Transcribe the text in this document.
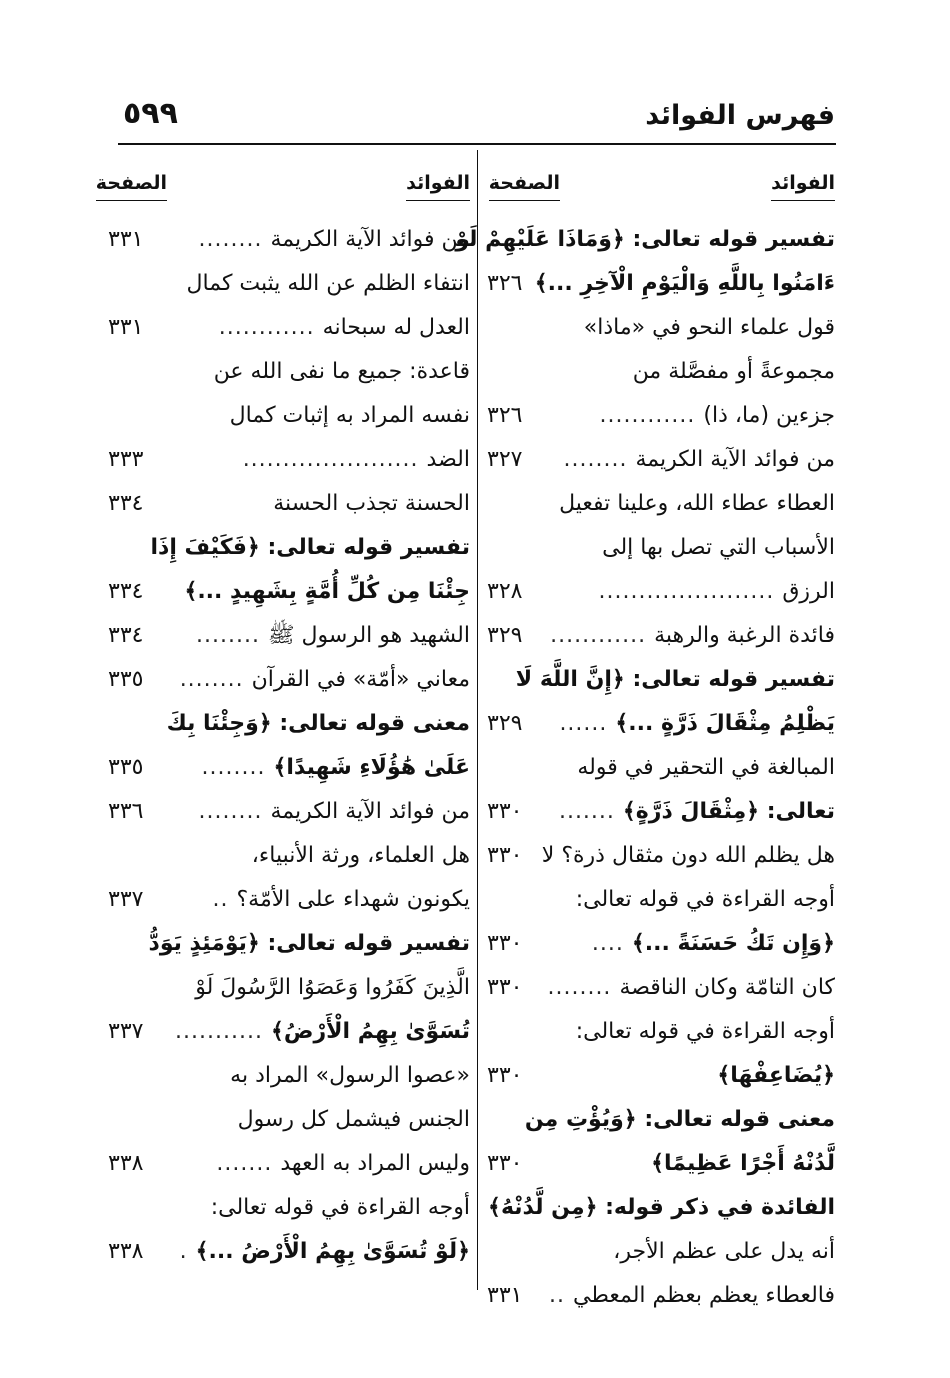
فهرس الفوائد
٥٩٩
الفوائد
الصفحة
الفوائد
الصفحة
تفسير قوله تعالى: ﴿وَمَاذَا عَلَيْهِمْ لَوْ
ءَامَنُوا بِاللَّهِ وَالْيَوْمِ الْآخِرِ ...﴾
٣٢٦
قول علماء النحو في «ماذا»
مجموعةً أو مفصَّلة من
جزءين (ما، ذا)............
٣٢٦
من فوائد الآية الكريمة........
٣٢٧
العطاء عطاء الله، وعلينا تفعيل
الأسباب التي تصل بها إلى
الرزق......................
٣٢٨
فائدة الرغبة والرهبة............
٣٢٩
تفسير قوله تعالى: ﴿إِنَّ اللَّهَ لَا
يَظْلِمُ مِثْقَالَ ذَرَّةٍ ...﴾......
٣٢٩
المبالغة في التحقير في قوله
تعالى: ﴿مِثْقَالَ ذَرَّةٍ﴾.......
٣٣٠
هل يظلم الله دون مثقال ذرة؟ لا
٣٣٠
أوجه القراءة في قوله تعالى:
﴿وَإِن تَكُ حَسَنَةً ...﴾....
٣٣٠
كان التامّة وكان الناقصة........
٣٣٠
أوجه القراءة في قوله تعالى:
﴿يُضَاعِفْهَا﴾
٣٣٠
معنى قوله تعالى: ﴿وَيُؤْتِ مِن
لَّدُنْهُ أَجْرًا عَظِيمًا﴾
٣٣٠
الفائدة في ذكر قوله: ﴿مِن لَّدُنْهُ﴾
أنه يدل على عظم الأجر،
فالعطاء يعظم بعظم المعطي..
٣٣١
من فوائد الآية الكريمة........
٣٣١
انتفاء الظلم عن الله يثبت كمال
العدل له سبحانه............
٣٣١
قاعدة: جميع ما نفى الله عن
نفسه المراد به إثبات كمال
الضد......................
٣٣٣
الحسنة تجذب الحسنة
٣٣٤
تفسير قوله تعالى: ﴿فَكَيْفَ إِذَا
جِئْنَا مِن كُلِّ أُمَّةٍ بِشَهِيدٍ ...﴾
٣٣٤
الشهيد هو الرسول ﷺ........
٣٣٤
معاني «أمّة» في القرآن........
٣٣٥
معنى قوله تعالى: ﴿وَجِئْنَا بِكَ
عَلَىٰ هَٰؤُلَاءِ شَهِيدًا﴾........
٣٣٥
من فوائد الآية الكريمة........
٣٣٦
هل العلماء، ورثة الأنبياء،
يكونون شهداء على الأمّة؟..
٣٣٧
تفسير قوله تعالى: ﴿يَوْمَئِذٍ يَوَدُّ
الَّذِينَ كَفَرُوا وَعَصَوُا الرَّسُولَ لَوْ
تُسَوَّىٰ بِهِمُ الْأَرْضُ﴾...........
٣٣٧
«عصوا الرسول» المراد به
الجنس فيشمل كل رسول
وليس المراد به العهد.......
٣٣٨
أوجه القراءة في قوله تعالى:
﴿لَوْ تُسَوَّىٰ بِهِمُ الْأَرْضُ ...﴾.
٣٣٨
